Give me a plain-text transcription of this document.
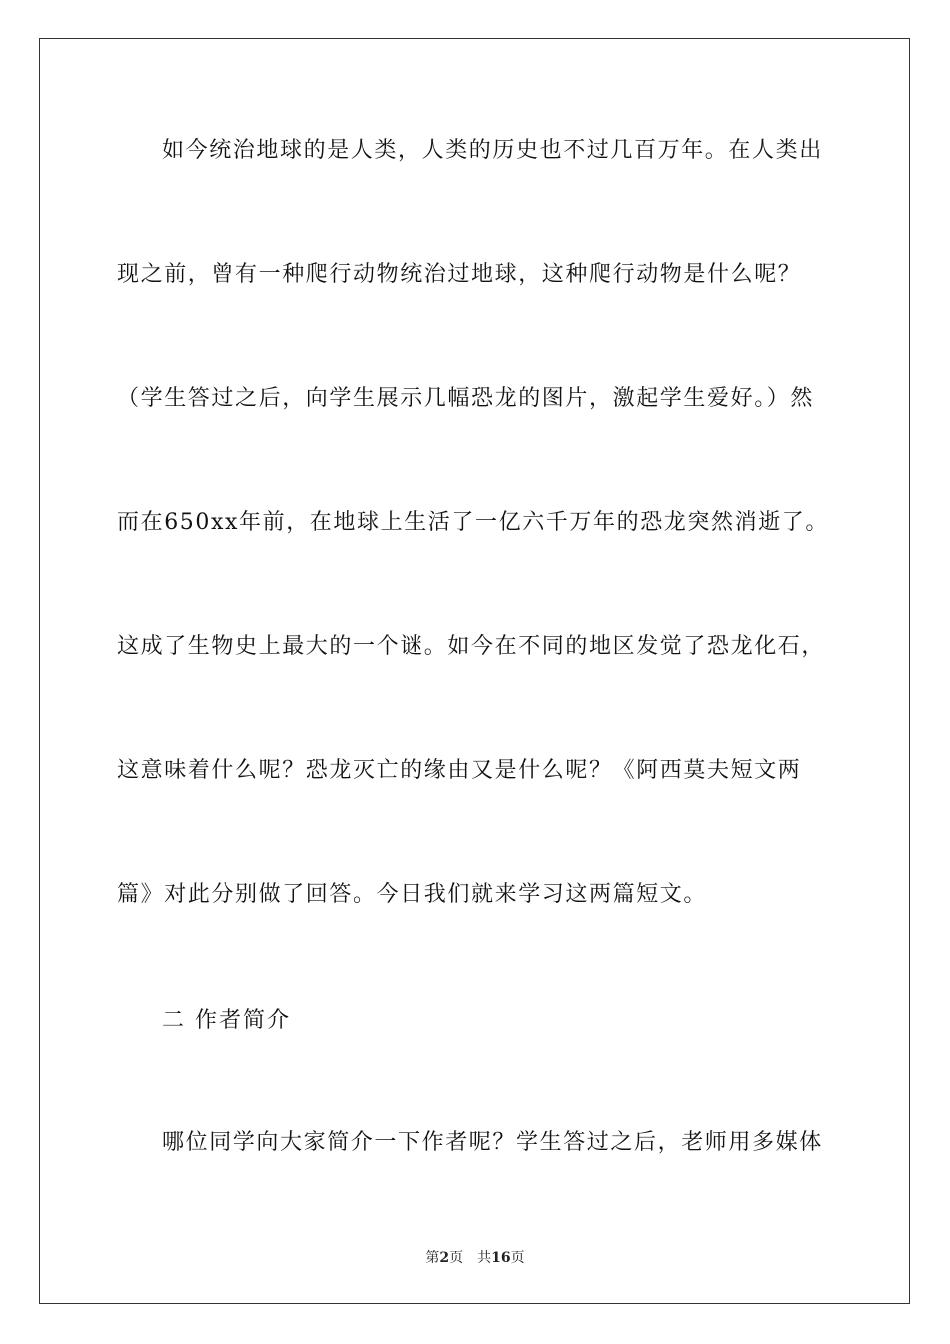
如今统治地球的是人类，人类的历史也不过几百万年。在人类出
现之前，曾有一种爬行动物统治过地球，这种爬行动物是什么呢？
（学生答过之后，向学生展示几幅恐龙的图片，激起学生爱好。）然
而在650xx年前，在地球上生活了一亿六千万年的恐龙突然消逝了。
这成了生物史上最大的一个谜。如今在不同的地区发觉了恐龙化石，
这意味着什么呢？恐龙灭亡的缘由又是什么呢？《阿西莫夫短文两
篇》对此分别做了回答。今日我们就来学习这两篇短文。
二 作者简介
哪位同学向大家简介一下作者呢？学生答过之后，老师用多媒体
第2页 共16页
